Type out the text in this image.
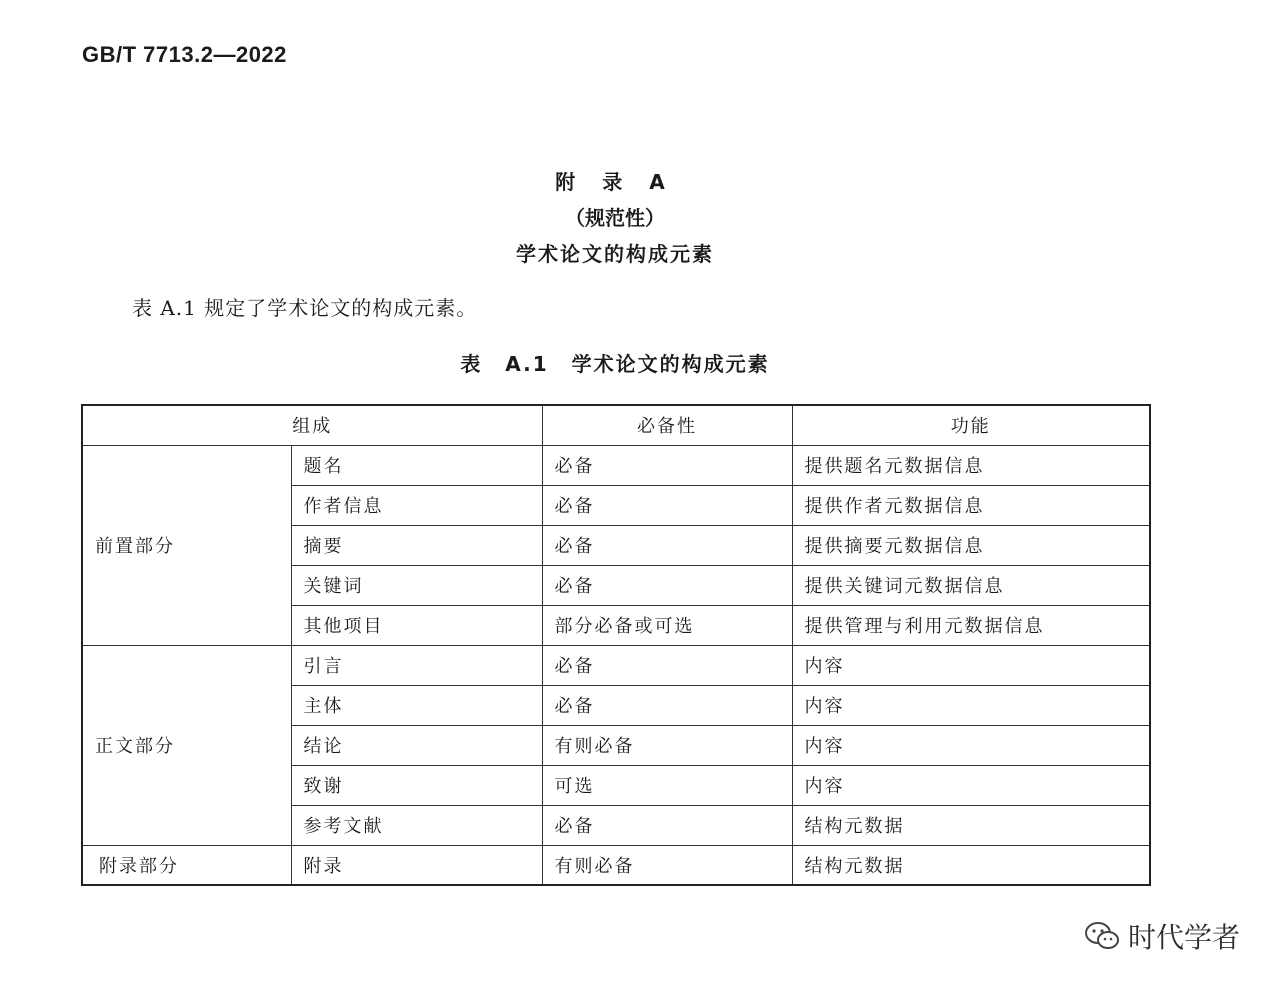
GB/T 7713.2—2022
附 录 A
（规范性）
学术论文的构成元素
表 A.1 规定了学术论文的构成元素。
表 A.1 学术论文的构成元素
组成		必备性	功能
前置部分	题名	必备	提供题名元数据信息
	作者信息	必备	提供作者元数据信息
	摘要	必备	提供摘要元数据信息
	关键词	必备	提供关键词元数据信息
	其他项目	部分必备或可选	提供管理与利用元数据信息
正文部分	引言	必备	内容
	主体	必备	内容
	结论	有则必备	内容
	致谢	可选	内容
	参考文献	必备	结构元数据
附录部分	附录	有则必备	结构元数据
时代学者
